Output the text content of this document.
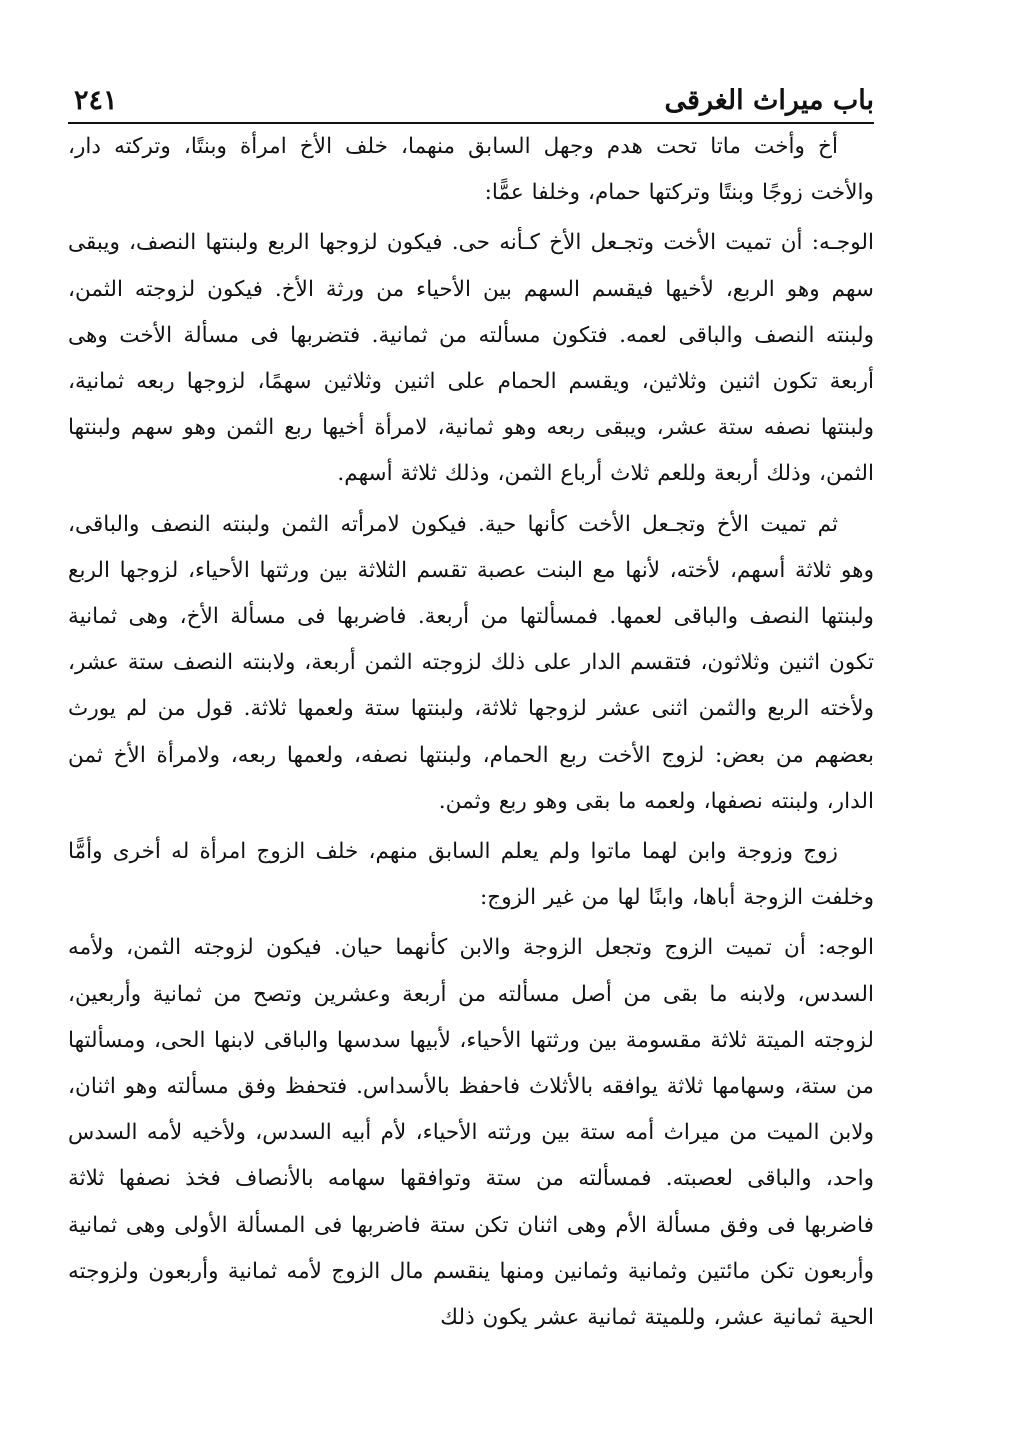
باب ميراث الغرقى
٢٤١

أخ وأخت ماتا تحت هدم وجهل السابق منهما، خلف الأخ امرأة وبنتًا، وتركته دار، والأخت زوجًا وبنتًا وتركتها حمام، وخلفا عمًّا:

الوجـه: أن تميت الأخت وتجـعل الأخ كـأنه حى. فيكون لزوجها الربع ولبنتها النصف، ويبقى سهم وهو الربع، لأخيها فيقسم السهم بين الأحياء من ورثة الأخ. فيكون لزوجته الثمن، ولبنته النصف والباقى لعمه. فتكون مسألته من ثمانية. فتضربها فى مسألة الأخت وهى أربعة تكون اثنين وثلاثين، ويقسم الحمام على اثنين وثلاثين سهمًا، لزوجها ربعه ثمانية، ولبنتها نصفه ستة عشر، ويبقى ربعه وهو ثمانية، لامرأة أخيها ربع الثمن وهو سهم ولبنتها الثمن، وذلك أربعة وللعم ثلاث أرباع الثمن، وذلك ثلاثة أسهم.

ثم تميت الأخ وتجـعل الأخت كأنها حية. فيكون لامرأته الثمن ولبنته النصف والباقى، وهو ثلاثة أسهم، لأخته، لأنها مع البنت عصبة تقسم الثلاثة بين ورثتها الأحياء، لزوجها الربع ولبنتها النصف والباقى لعمها. فمسألتها من أربعة. فاضربها فى مسألة الأخ، وهى ثمانية تكون اثنين وثلاثون، فتقسم الدار على ذلك لزوجته الثمن أربعة، ولابنته النصف ستة عشر، ولأخته الربع والثمن اثنى عشر لزوجها ثلاثة، ولبنتها ستة ولعمها ثلاثة. قول من لم يورث بعضهم من بعض: لزوج الأخت ربع الحمام، ولبنتها نصفه، ولعمها ربعه، ولامرأة الأخ ثمن الدار، ولبنته نصفها، ولعمه ما بقى وهو ربع وثمن.

زوج وزوجة وابن لهما ماتوا ولم يعلم السابق منهم، خلف الزوج امرأة له أخرى وأمًّا وخلفت الزوجة أباها، وابنًا لها من غير الزوج:

الوجه: أن تميت الزوج وتجعل الزوجة والابن كأنهما حيان. فيكون لزوجته الثمن، ولأمه السدس، ولابنه ما بقى من أصل مسألته من أربعة وعشرين وتصح من ثمانية وأربعين، لزوجته الميتة ثلاثة مقسومة بين ورثتها الأحياء، لأبيها سدسها والباقى لابنها الحى، ومسألتها من ستة، وسهامها ثلاثة يوافقه بالأثلاث فاحفظ بالأسداس. فتحفظ وفق مسألته وهو اثنان، ولابن الميت من ميراث أمه ستة بين ورثته الأحياء، لأم أبيه السدس، ولأخيه لأمه السدس واحد، والباقى لعصبته. فمسألته من ستة وتوافقها سهامه بالأنصاف فخذ نصفها ثلاثة فاضربها فى وفق مسألة الأم وهى اثنان تكن ستة فاضربها فى المسألة الأولى وهى ثمانية وأربعون تكن مائتين وثمانية وثمانين ومنها ينقسم مال الزوج لأمه ثمانية وأربعون ولزوجته الحية ثمانية عشر، وللميتة ثمانية عشر يكون ذلك
